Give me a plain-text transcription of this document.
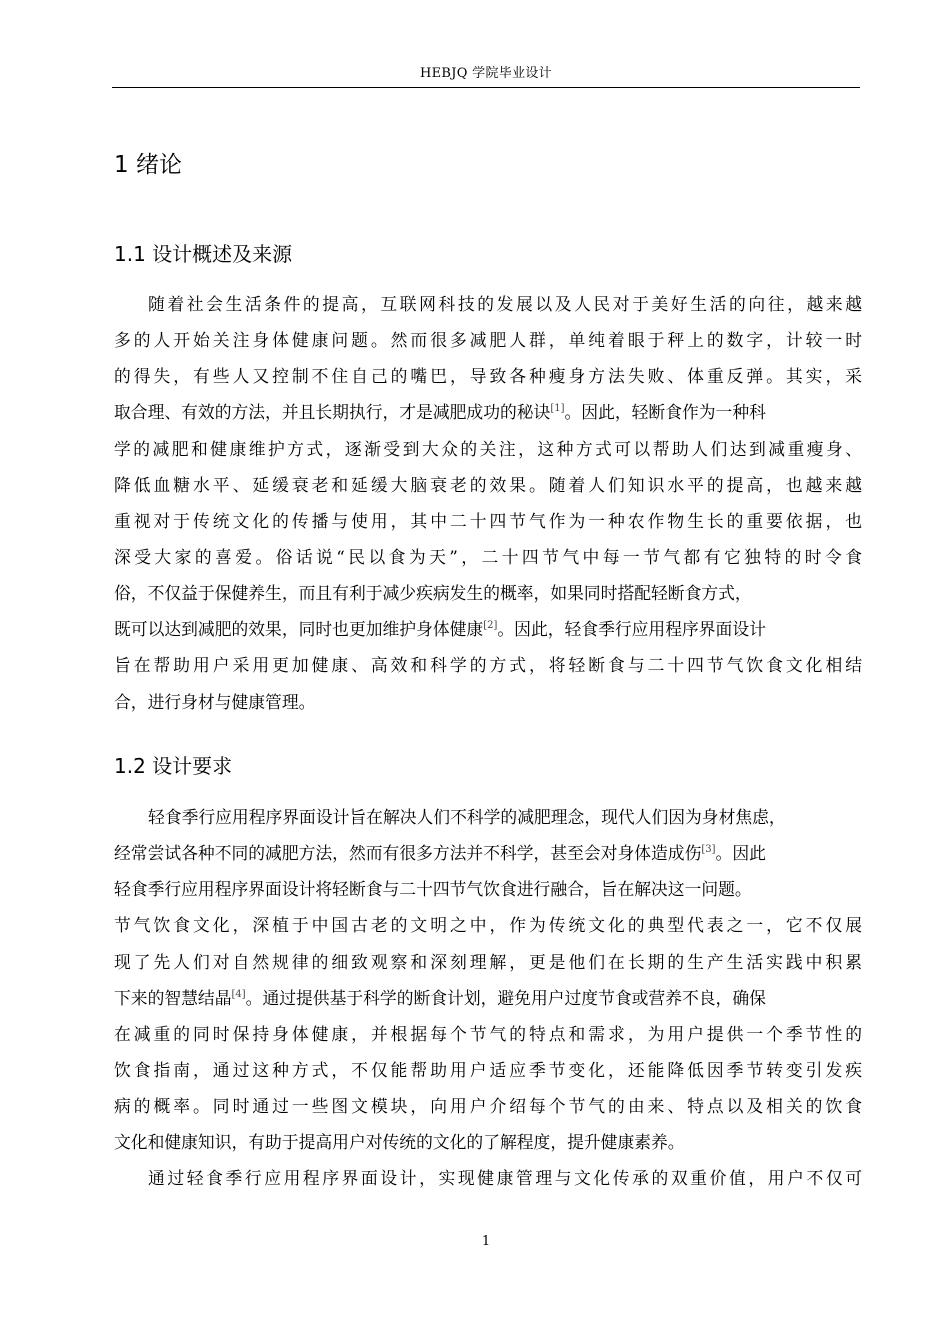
HEBJQ 学院毕业设计
1 绪论
1.1 设计概述及来源
随着社会生活条件的提高，互联网科技的发展以及人民对于美好生活的向往，越来越
多的人开始关注身体健康问题。然而很多减肥人群，单纯着眼于秤上的数字，计较一时
的得失，有些人又控制不住自己的嘴巴，导致各种瘦身方法失败、体重反弹。其实，采
取合理、有效的方法，并且长期执行，才是减肥成功的秘诀[1]。因此，轻断食作为一种科
学的减肥和健康维护方式，逐渐受到大众的关注，这种方式可以帮助人们达到减重瘦身、
降低血糖水平、延缓衰老和延缓大脑衰老的效果。随着人们知识水平的提高，也越来越
重视对于传统文化的传播与使用，其中二十四节气作为一种农作物生长的重要依据，也
深受大家的喜爱。俗话说“民以食为天”，二十四节气中每一节气都有它独特的时令食
俗，不仅益于保健养生，而且有利于减少疾病发生的概率，如果同时搭配轻断食方式，
既可以达到减肥的效果，同时也更加维护身体健康[2]。因此，轻食季行应用程序界面设计
旨在帮助用户采用更加健康、高效和科学的方式，将轻断食与二十四节气饮食文化相结
合，进行身材与健康管理。
1.2 设计要求
轻食季行应用程序界面设计旨在解决人们不科学的减肥理念，现代人们因为身材焦虑，
经常尝试各种不同的减肥方法，然而有很多方法并不科学，甚至会对身体造成伤[3]。因此
轻食季行应用程序界面设计将轻断食与二十四节气饮食进行融合，旨在解决这一问题。
节气饮食文化，深植于中国古老的文明之中，作为传统文化的典型代表之一，它不仅展
现了先人们对自然规律的细致观察和深刻理解，更是他们在长期的生产生活实践中积累
下来的智慧结晶[4]。通过提供基于科学的断食计划，避免用户过度节食或营养不良，确保
在减重的同时保持身体健康，并根据每个节气的特点和需求，为用户提供一个季节性的
饮食指南，通过这种方式，不仅能帮助用户适应季节变化，还能降低因季节转变引发疾
病的概率。同时通过一些图文模块，向用户介绍每个节气的由来、特点以及相关的饮食
文化和健康知识，有助于提高用户对传统的文化的了解程度，提升健康素养。
通过轻食季行应用程序界面设计，实现健康管理与文化传承的双重价值，用户不仅可
1
